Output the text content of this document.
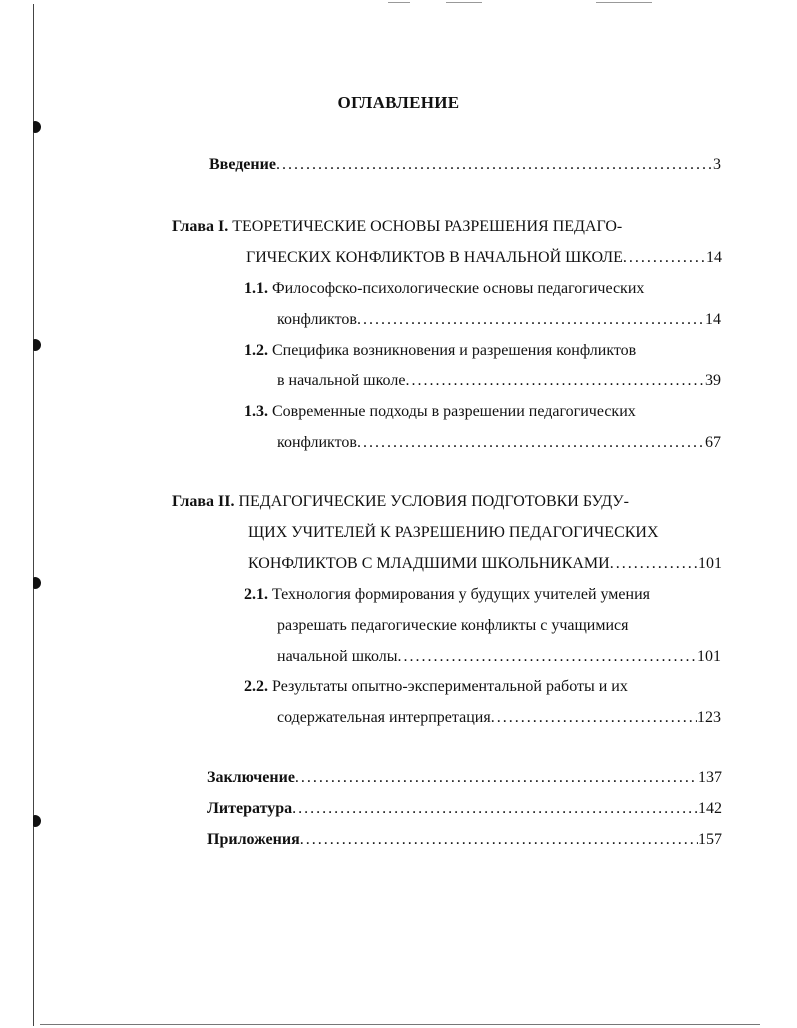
ОГЛАВЛЕНИЕ
Введение .....	3
Глава I. ТЕОРЕТИЧЕСКИЕ ОСНОВЫ РАЗРЕШЕНИЯ ПЕДАГО-
ГИЧЕСКИХ КОНФЛИКТОВ В НАЧАЛЬНОЙ ШКОЛЕ .....	14
1.1. Философско-психологические основы педагогических
конфликтов .....	14
1.2. Специфика возникновения и разрешения конфликтов
в начальной школе .....	39
1.3. Современные подходы в разрешении педагогических
конфликтов .....	67
Глава II. ПЕДАГОГИЧЕСКИЕ УСЛОВИЯ ПОДГОТОВКИ БУДУ-
ЩИХ УЧИТЕЛЕЙ К РАЗРЕШЕНИЮ ПЕДАГОГИЧЕСКИХ
КОНФЛИКТОВ С МЛАДШИМИ ШКОЛЬНИКАМИ .....	101
2.1. Технология формирования у будущих учителей умения
разрешать педагогические конфликты с учащимися
начальной школы .....	101
2.2. Результаты опытно-экспериментальной работы и их
содержательная интерпретация .....	123
Заключение .....	137
Литература .....	142
Приложения .....	157
